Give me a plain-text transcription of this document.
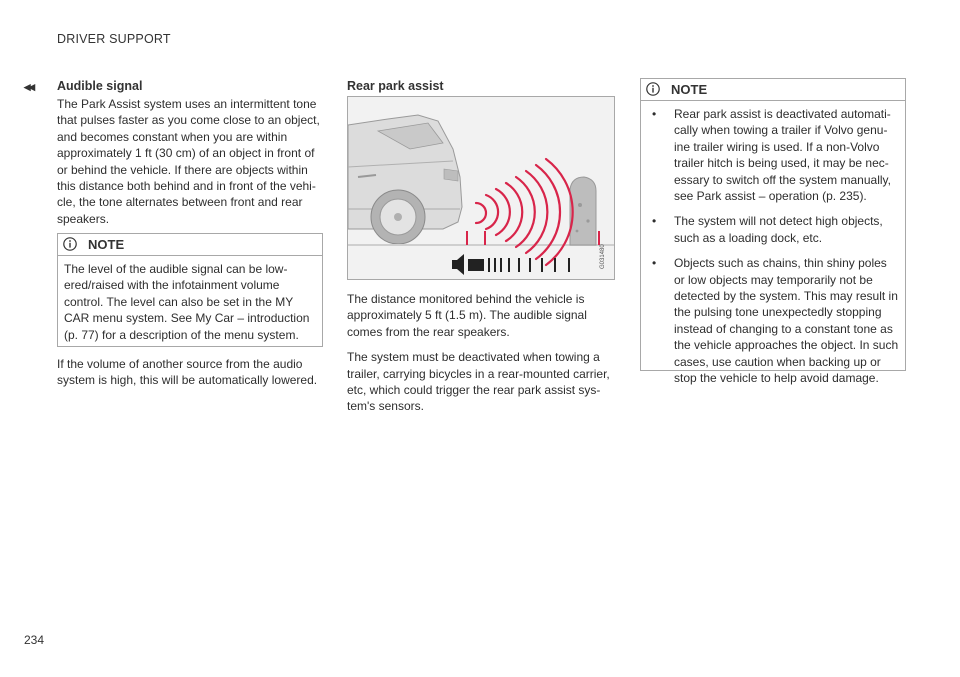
DRIVER SUPPORT
◂◂ Audible signal

The Park Assist system uses an intermittent tone that pulses faster as you come close to an object, and becomes constant when you are within approximately 1 ft (30 cm) of an object in front of or behind the vehicle. If there are objects within this distance both behind and in front of the vehi-cle, the tone alternates between front and rear speakers.

NOTE
The level of the audible signal can be low-ered/raised with the infotainment volume control. The level can also be set in the MY CAR menu system. See My Car – introduction (p. 77) for a description of the menu system.
If the volume of another source from the audio system is high, this will be automatically lowered.
Rear park assist
G031480

The distance monitored behind the vehicle is approximately 5 ft (1.5 m). The audible signal comes from the rear speakers.

The system must be deactivated when towing a trailer, carrying bicycles in a rear-mounted carrier, etc, which could trigger the rear park assist sys-tem's sensors.

NOTE
• Rear park assist is deactivated automati-cally when towing a trailer if Volvo genu-ine trailer wiring is used. If a non-Volvo trailer hitch is being used, it may be nec-essary to switch off the system manually, see Park assist – operation (p. 235).
• The system will not detect high objects, such as a loading dock, etc.
• Objects such as chains, thin shiny poles or low objects may temporarily not be detected by the system. This may result in the pulsing tone unexpectedly stopping instead of changing to a constant tone as the vehicle approaches the object. In such cases, use caution when backing up or stop the vehicle to help avoid damage.
234
